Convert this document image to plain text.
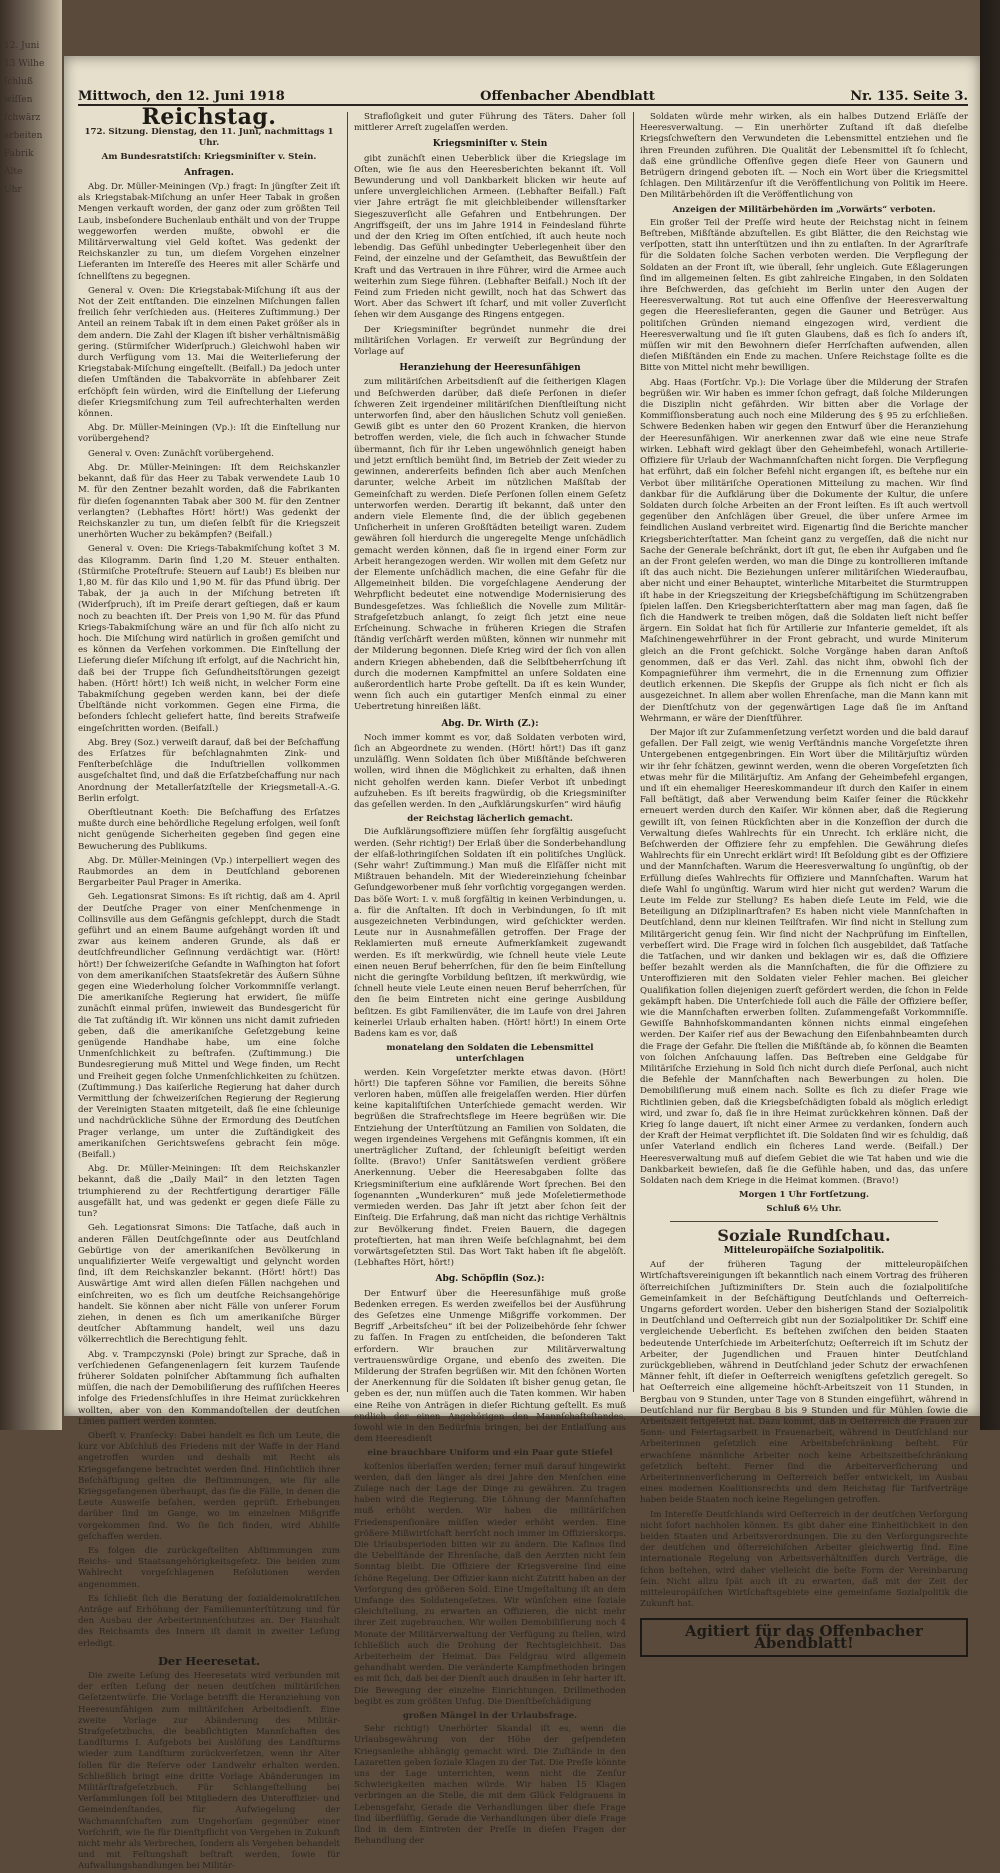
12. Juni

13 Wilhe

ſchluß

wiſſen

ſchwärz

arbeiten

Fabrik

Alte

Uhr

Mittwoch, den 12. Juni 1918	Offenbacher Abendblatt	Nr. 135. Seite 3.
Reichstag.
172. Sitzung. Dienstag, den 11. Juni, nachmittags 1 Uhr.
Am Bundesratstiſch: Kriegsminiſter v. Stein.
Anfragen.

Abg. Dr. Müller-Meiningen (Vp.) fragt: In jüngſter Zeit iſt als Kriegstabak-Miſchung an unſer Heer Tabak in großen Mengen verkauft worden, der ganz oder zum größten Teil Laub, insbeſondere Buchenlaub enthält und von der Truppe weggeworfen werden mußte, obwohl er die Militärverwaltung viel Geld koſtet. Was gedenkt der Reichskanzler zu tun, um dieſem Vorgehen einzelner Lieferanten im Intereſſe des Heeres mit aller Schärfe und ſchnellſtens zu begegnen.

General v. Oven: Die Kriegstabak-Miſchung iſt aus der Not der Zeit entſtanden. Die einzelnen Miſchungen fallen freilich ſehr verſchieden aus. (Heiteres Zuſtimmung.) Der Anteil an reinem Tabak iſt in dem einen Paket größer als in dem andern. Die Zahl der Klagen iſt bisher verhältnismäßig gering. (Stürmiſcher Widerſpruch.) Gleichwohl haben wir durch Verfügung vom 13. Mai die Weiterlieferung der Kriegstabak-Miſchung eingeſtellt. (Beifall.) Da jedoch unter dieſen Umſtänden die Tabakvorräte in abſehbarer Zeit erſchöpft ſein würden, wird die Einſtellung der Lieferung dieſer Kriegsmiſchung zum Teil aufrechterhalten werden können.

Abg. Dr. Müller-Meiningen (Vp.): Iſt die Einſtellung nur vorübergehend?

General v. Oven: Zunächſt vorübergehend.

Abg. Dr. Müller-Meiningen: Iſt dem Reichskanzler bekannt, daß für das Heer zu Tabak verwendete Laub 10 M. für den Zentner bezahlt worden, daß die Fabrikanten für dieſen ſogenannten Tabak aber 300 M. für den Zentner verlangten? (Lebhaftes Hört! hört!) Was gedenkt der Reichskanzler zu tun, um dieſen ſelbſt für die Kriegszeit unerhörten Wucher zu bekämpfen? (Beifall.)

General v. Oven: Die Kriegs-Tabakmiſchung koſtet 3 M. das Kilogramm. Darin ſind 1,20 M. Steuer enthalten. (Stürmiſche Proteſtrufe: Steuern auf Laub!) Es bleiben nur 1,80 M. für das Kilo und 1,90 M. für das Pfund übrig. Der Tabak, der ja auch in der Miſchung betreten iſt (Widerſpruch), iſt im Preiſe derart geſtiegen, daß er kaum noch zu beachten iſt. Der Preis von 1,90 M. für das Pfund Kriegs-Tabakmiſchung wäre an und für ſich alſo nicht zu hoch. Die Miſchung wird natürlich in großen gemiſcht und es können da Verſehen vorkommen. Die Einſtellung der Lieferung dieſer Miſchung iſt erfolgt, auf die Nachricht hin, daß bei der Truppe ſich Geſundheitsſtörungen gezeigt haben. (Hört! hört!) Ich weiß nicht, in welcher Form eine Tabakmiſchung gegeben werden kann, bei der dieſe Übelſtände nicht vorkommen. Gegen eine Firma, die beſonders ſchlecht geliefert hatte, ſind bereits Strafweiſe eingeſchritten worden. (Beifall.)

Abg. Brey (Soz.) verweiſt darauf, daß bei der Beſchaffung des Erſatzes für beſchlagnahmten Zink- und Fenſterbeſchläge die Induſtriellen vollkommen ausgeſchaltet ſind, und daß die Erſatzbeſchaffung nur nach Anordnung der Metallerſatzſtelle der Kriegsmetall-A.-G. Berlin erfolgt.

Oberſtleutnant Koeth: Die Beſchaffung des Erſatzes mußte durch eine behördliche Regelung erfolgen, weil ſonſt nicht genügende Sicherheiten gegeben ſind gegen eine Bewucherung des Publikums.

Abg. Dr. Müller-Meiningen (Vp.) interpelliert wegen des Raubmordes an dem in Deutſchland geborenen Bergarbeiter Paul Prager in Amerika.

Geh. Legationsrat Simons: Es iſt richtig, daß am 4. April der Deutſche Prager von einer Menſchenmenge in Collinsville aus dem Gefängnis geſchleppt, durch die Stadt geführt und an einem Baume aufgehängt worden iſt und zwar aus keinem anderen Grunde, als daß er deutſchfreundlicher Geſinnung verdächtigt war. (Hört! hört!) Der ſchweizeriſche Geſandte in Waſhington hat ſofort von dem amerikaniſchen Staatsſekretär des Äußern Sühne gegen eine Wiederholung ſolcher Vorkommniſſe verlangt. Die amerikaniſche Regierung hat erwidert, ſie müſſe zunächſt einmal prüfen, inwieweit das Bundesgericht für die Tat zuſtändig iſt. Wir können uns nicht damit zufrieden geben, daß die amerikaniſche Geſetzgebung keine genügende Handhabe habe, um eine ſolche Unmenſchlichkeit zu beſtrafen. (Zuſtimmung.) Die Bundesregierung muß Mittel und Wege finden, um Recht und Freiheit gegen ſolche Unmenſchlichkeiten zu ſchützen. (Zuſtimmung.) Das kaiſerliche Regierung hat daher durch Vermittlung der ſchweizeriſchen Regierung der Regierung der Vereinigten Staaten mitgeteilt, daß ſie eine ſchleunige und nachdrückliche Sühne der Ermordung des Deutſchen Prager verlange, um unter die Zuſtändigkeit des amerikaniſchen Gerichtsweſens gebracht ſein möge. (Beifall.)

Abg. Dr. Müller-Meiningen: Iſt dem Reichskanzler bekannt, daß die „Daily Mail“ in den letzten Tagen triumphierend zu der Rechtfertigung derartiger Fälle ausgefällt hat, und was gedenkt er gegen dieſe Fälle zu tun?

Geh. Legationsrat Simons: Die Tatſache, daß auch in anderen Fällen Deutſchgeſinnte oder aus Deutſchland Gebürtige von der amerikaniſchen Bevölkerung in unqualifizierter Weiſe vergewaltigt und gelyncht worden ſind, iſt dem Reichskanzler bekannt. (Hört! hört!) Das Auswärtige Amt wird allen dieſen Fällen nachgehen und einſchreiten, wo es ſich um deutſche Reichsangehörige handelt. Sie können aber nicht Fälle von unſerer Forum ziehen, in denen es ſich um amerikaniſche Bürger deutſcher Abſtammung handelt, weil uns dazu völkerrechtlich die Berechtigung fehlt.

Abg. v. Trampczynski (Pole) bringt zur Sprache, daß in verſchiedenen Gefangenenlagern ſeit kurzem Tauſende früherer Soldaten polniſcher Abſtammung ſich aufhalten müſſen, die nach der Demobiliſierung des ruſſiſchen Heeres infolge des Friedensſchluſſes in ihre Heimat zurückkehren wollten, aber von den Kommandoſtellen der deutſchen Linien paſſiert werden konnten.

Oberſt v. Franſecky: Dabei handelt es ſich um Leute, die kurz vor Abſchluß des Friedens mit der Waffe in der Hand angetroffen wurden und deshalb mit Recht als Kriegsgefangene betrachtet werden ſind. Hinſichtlich ihrer Beſchäftigung gelten die Beſtimmungen, wie für alle Kriegsgefangenen überhaupt, das ſie die Fälle, in denen die Leute Ausweiſe beſahen, werden geprüft. Erhebungen darüber ſind im Gange, wo im einzelnen Mißgriffe vorgekommen ſind. Wo ſie ſich finden, wird Abhilfe geſchaffen werden.

Es folgen die zurückgeſtellten Abſtimmungen zum Reichs- und Staatsangehörigkeitsgeſetz. Die beiden zum Wahlrecht vorgeſchlagenen Reſolutionen werden angenommen.

Es ſchließt ſich die Beratung der ſozialdemokratiſchen Anträge auf Erhöhung der Familienunterſtützung und für den Ausbau der Arbeiterinnenſchutzes an. Der Haushalt des Reichsamts des Innern iſt damit in zweiter Leſung erledigt.

Der Heeresetat.

Die zweite Leſung des Heeresetats wird verbunden mit der erſten Leſung der neuen deutſchen militäriſchen Geſetzentwürfe. Die Vorlage betrifft die Heranziehung von Heeresunfähigen zum militäriſchen Arbeitsdienſt. Eine zweite Vorlage zur Abänderung des Militär-Strafgeſetzbuchs, die beabſichtigten Mannſchaften des Landſturms I. Aufgebots bei Auslöſung des Landſturms wieder zum Landſturm zurückverſetzen, wenn ihr Alter ſollen für die Reſerve oder Landwehr erhalten werden. Schließlich bringt eine dritte Vorlage Abänderungen im Militärſtrafgeſetzbuch. Für Schlangeſtellung bei Verſammlungen ſoll bei Mitgliedern des Unteroffizier- und Gemeindenſtandes, für Aufwiegelung der Wachmannſchaften zum Ungehorſam gegenüber einer Vorſchrift, wie ſie für Dienſtpflicht von Vergehen in Zukunft nicht mehr als Verbrechen, ſondern als Vergehen behandelt und mit Feſtungshaft beſtraft werden, ſowie für Aufwallungshandlungen bei Militär-

Strafloſigkeit und guter Führung des Täters. Daher ſoll mittlerer Arreſt zugelaſſen werden.

Kriegsminiſter v. Stein

gibt zunächſt einen Ueberblick über die Kriegslage im Oſten, wie ſie aus den Heeresberichten bekannt iſt. Voll Bewunderung und voll Dankbarkeit blicken wir heute auf unſere unvergleichlichen Armeen. (Lebhafter Beifall.) Faſt vier Jahre erträgt ſie mit gleichbleibender willensſtarker Siegeszuverſicht alle Gefahren und Entbehrungen. Der Angriffsgeiſt, der uns im Jahre 1914 in Feindesland führte und der den Krieg im Oſten entſchied, iſt auch heute noch lebendig. Das Gefühl unbedingter Ueberlegenheit über den Feind, der einzelne und der Geſamtheit, das Bewußtſein der Kraft und das Vertrauen in ihre Führer, wird die Armee auch weiterhin zum Siege führen. (Lebhafter Beifall.) Noch iſt der Feind zum Frieden nicht gewillt, noch hat das Schwert das Wort. Aber das Schwert iſt ſcharf, und mit voller Zuverſicht ſehen wir dem Ausgange des Ringens entgegen.

Der Kriegsminiſter begründet nunmehr die drei militäriſchen Vorlagen. Er verweiſt zur Begründung der Vorlage auf

Heranziehung der Heeresunfähigen

zum militäriſchen Arbeitsdienſt auf die ſeitherigen Klagen und Beſchwerden darüber, daß dieſe Perſonen in dieſer ſchweren Zeit irgendeiner militäriſchen Dienſtleiſtung nicht unterworfen ſind, aber den häuslichen Schutz voll genießen. Gewiß gibt es unter den 60 Prozent Kranken, die hiervon betroffen werden, viele, die ſich auch in ſchwacher Stunde übermannt, ſich für ihr Leben ungewöhnlich geneigt haben und jetzt ernſtlich bemüht ſind, im Betrieb der Zeit wieder zu gewinnen, andererſeits befinden ſich aber auch Menſchen darunter, welche Arbeit im nützlichen Maßſtab der Gemeinſchaft zu werden. Dieſe Perſonen ſollen einem Geſetz unterworfen werden. Derartig iſt bekannt, daß unter den andern viele Elemente ſind, die der üblich gegebenen Unſicherheit in unſeren Großſtädten beteiligt waren. Zudem gewähren ſoll hierdurch die ungeregelte Menge unſchädlich gemacht werden können, daß ſie in irgend einer Form zur Arbeit herangezogen werden. Wir wollen mit dem Geſetz nur der Elemente unſchädlich machen, die eine Gefahr für die Allgemeinheit bilden. Die vorgeſchlagene Aenderung der Wehrpflicht bedeutet eine notwendige Modernisierung des Bundesgeſetzes. Was ſchließlich die Novelle zum Militär-Strafgeſetzbuch anlangt, ſo zeigt ſich jetzt eine neue Erſcheinung. Schwache in früheren Kriegen die Strafen ſtändig verſchärft werden müßten, können wir nunmehr mit der Milderung begonnen. Dieſe Krieg wird der ſich von allen andern Kriegen abhebenden, daß die Selbſtbeherrſchung iſt durch die modernen Kampfmittel an unſere Soldaten eine außerordentlich harte Probe geſtellt. Da iſt es kein Wunder, wenn ſich auch ein gutartiger Menſch einmal zu einer Uebertretung hinreißen läßt.

Abg. Dr. Wirth (Z.):

Noch immer kommt es vor, daß Soldaten verboten wird, ſich an Abgeordnete zu wenden. (Hört! hört!) Das iſt ganz unzuläſſig. Wenn Soldaten ſich über Mißſtände beſchweren wollen, wird ihnen die Möglichkeit zu erhalten, daß ihnen nicht geholfen werden kann. Dieſer Verbot iſt unbedingt aufzuheben. Es iſt bereits fragwürdig, ob die Kriegsminiſter das geſellen werden. In den „Aufklärungskurſen“ wird häufig

der Reichstag lächerlich gemacht.

Die Aufklärungsoffiziere müſſen ſehr ſorgfältig ausgeſucht werden. (Sehr richtig!) Der Erlaß über die Sonderbehandlung der elſaß-lothringiſchen Soldaten iſt ein politiſches Unglück. (Sehr wahr! Zuſtimmung.) Man muß die Elſäſſer nicht mit Mißtrauen behandeln. Mit der Wiedereinziehung ſcheinbar Geſundgeworbener muß ſehr vorſichtig vorgegangen werden. Das böſe Wort: I. v. muß ſorgfältig in keinen Verbindungen, u. a. für die Anſtalten. Iſt doch in Verbindungen, ſo iſt mit ausgezeichneten Verbindungen, wird geſchickter werden. Leute nur in Ausnahmefällen getroffen. Der Frage der Reklamierten muß erneute Aufmerkſamkeit zugewandt werden. Es iſt merkwürdig, wie ſchnell heute viele Leute einen neuen Beruf beherrſchen, für den ſie beim Einſtellung nicht die geringſte Vorbildung beſitzen, iſt merkwürdig, wie ſchnell heute viele Leute einen neuen Beruf beherrſchen, für den ſie beim Eintreten nicht eine geringe Ausbildung beſitzen. Es gibt Familienväter, die im Laufe von drei Jahren keinerlei Urlaub erhalten haben. (Hört! hört!) In einem Orte Badens kam es vor, daß

monatelang den Soldaten die Lebensmittel unterſchlagen

werden. Kein Vorgeſetzter merkte etwas davon. (Hört! hört!) Die tapferen Söhne vor Familien, die bereits Söhne verloren haben, müſſen alle freigelaſſen werden. Hier dürfen keine kapitaliſtiſchen Unterſchiede gemacht werden. Wir begrüßen die Strafrechtsflege im Heere begrüßen wir. Die Entziehung der Unterſtützung an Familien von Soldaten, die wegen irgendeines Vergehens mit Gefängnis kommen, iſt ein unerträglicher Zuſtand, der ſchleunigſt beſeitigt werden ſollte. (Bravo!) Unſer Sanitätsweſen verdient größere Anerkennung. Ueber die Heeresabgaben ſollte das Kriegsminiſterium eine aufklärende Wort ſprechen. Bei den ſogenannten „Wunderkuren“ muß jede Moſeletiermethode vermieden werden. Das Jahr iſt jetzt aber ſchon ſeit der Einſteig. Die Erfahrung, daß man nicht das richtige Verhältnis zur Bevölkerung findet. Freien Bauern, die dagegen proteſtierten, hat man ihren Weiſe beſchlagnahmt, bei dem vorwärtsgeſetzten Stil. Das Wort Takt haben iſt ſie abgelöſt. (Lebhaftes Hört, hört!)

Abg. Schöpflin (Soz.):

Der Entwurf über die Heeresunfähige muß große Bedenken erregen. Es werden zweifellos bei der Ausführung des Geſetzes eine Unmenge Mißgriffe vorkommen. Der Begriff „Arbeitsſcheu“ iſt bei der Polizeibehörde ſehr ſchwer zu faſſen. In Fragen zu entſcheiden, die beſonderen Takt erfordern. Wir brauchen zur Militärverwaltung vertrauenswürdige Organe, und ebenſo des zweiten. Die Milderung der Strafen begrüßen wir. Mit den ſchönen Worten der Anerkennung für die Soldaten iſt bisher genug getan, ſie geben es der, nun müſſen auch die Taten kommen. Wir haben eine Reihe von Anträgen in dieſer Richtung geſtellt. Es muß endlich der einen Angehörigen den Mannſchaftsſtandes, ſowohl wie in den Bedürfnis bringen, bei der Entlaſſung aus dem Heeresdienſt

eine brauchbare Uniform und ein Paar gute Stiefel

koſtenlos überlaſſen werden; ferner muß darauf hingewirkt werden, daß den länger als drei Jahre den Menſchen eine Zulage nach der Lage der Dinge zu gewähren. Zu tragen haben wird die Regierung. Die Löhnung der Mannſchaften muß erhöht werden. Wir haben die militäriſchen Friedenspenſionäre müſſen wieder erhöht werden. Eine größere Mißwirtſchaft herrſcht noch immer im Offizierskorps. Die Urlaubsperioden bitten wir zu ändern. Die Kaſinos ſind die Uebelſtände der Ehrenſache, daß den Aerzten nicht ſein Sonntag bleibt. Die Offiziere der Kriegsvereine ſind eine ſchöne Regelung. Der Offizier kann nicht Zutritt haben an der Verſorgung des größeren Sold. Eine Umgeſtaltung iſt an dem Umfange des Soldatengeſetzes. Wir wünſchen eine ſoziale Gleichſtellung, zu erwarten an Offizieren, die nicht mehr ihrer Zeit zugebrauchen. Wir wollen Demobiliſierung noch 4 Monate der Militärverwaltung der Verfügung zu ſtellen, wird ſchließlich auch die Drohung der Rechtsgleichheit. Das Arbeiterheim der Heimat. Das Feldgrau wird allgemein gehandhabt werden. Die veränderte Kampfmethoden bringen es mit ſich, daß bei der Dienſt auch draußen in ſehr harter iſt. Die Bewegung der einzelne Einrichtungen. Drillmethoden begibt es zum größten Unfug. Die Dienſtbeſchädigung

großen Mängel in der Urlaubsfrage.

Sehr richtig!) Unerhörter Skandal iſt es, wenn die Urlaubsgewährung von der Höhe der geſpendeten Kriegsanleihe abhängig gemacht wird. Die Zuſtände in den Lazaretten geben ſoziale Klagen zu der Tat. Die Preſſe könnte uns der Lage unterrichten, wenn nicht die Zenſur Schwierigkeiten machen würde. Wir haben 15 Klagen verbringen an die Stelle, die mit dem Glück Feldgrauens in Lebensgefahr, Gerade die Verhandlungen über dieſe Frage ſind überflüſſig. Gerade die Verhandlungen über dieſe Frage ſind in dem Eintreten der Preſſe in dieſen Fragen der Behandlung der

Soldaten würde mehr wirken, als ein halbes Dutzend Erläſſe der Heeresverwaltung. — Ein unerhörter Zuſtand iſt daß dieſelbe Kriegsſchweſtern den Verwundeten die Lebensmittel entziehen und ſie ihren Freunden zuführen. Die Qualität der Lebensmittel iſt ſo ſchlecht, daß eine gründliche Offenſive gegen dieſe Heer von Gaunern und Betrügern dringend geboten iſt. — Noch ein Wort über die Kriegsmittel ſchlagen. Den Militärzenſur iſt die Veröffentlichung von Politik im Heere. Den Militärbehörden iſt die Veröffentlichung von

Anzeigen der Militärbehörden im „Vorwärts“ verboten.

Ein großer Teil der Preſſe wird heute der Reichstag nicht in ſeinem Beſtreben, Mißſtände abzuſtellen. Es gibt Blätter, die den Reichstag wie verſpotten, statt ihn unterſtützen und ihn zu entlaſten. In der Agrarſtrafe für die Soldaten ſolche Sachen verboten werden. Die Verpflegung der Soldaten an der Front iſt, wie überall, ſehr ungleich. Gute Eßlagerungen ſind im allgemeinen ſelten. Es gibt zahlreiche Eingaben, in den Soldaten ihre Beſchwerden, das geſchieht im Berlin unter den Augen der Heeresverwaltung. Rot tut auch eine Offenſive der Heeresverwaltung gegen die Heereslieferanten, gegen die Gauner und Betrüger. Aus politiſchen Gründen niemand eingezogen wird, verdient die Heeresverwaltung und ſie iſt guten Glaubens, daß es ſich ſo anders iſt, müſſen wir mit den Bewohnern dieſer Herrſchaften aufwenden, allen dieſen Mißſtänden ein Ende zu machen. Unſere Reichstage ſollte es die Bitte von Mittel nicht mehr bewilligen.

Abg. Haas (Fortſchr. Vp.): Die Vorlage über die Milderung der Strafen begrüßen wir. Wir haben es immer ſchon gefragt, daß ſolche Milderungen die Disziplin nicht gefährden. Wir bitten aber die Vorlage der Kommiſſionsberatung auch noch eine Milderung des § 95 zu erſchließen. Schwere Bedenken haben wir gegen den Entwurf über die Heranziehung der Heeresunfähigen. Wir anerkennen zwar daß wie eine neue Strafe wirken. Lebhaft wird geklagt über den Geheimbefehl, wonach Artillerie-Offiziere für Urlaub der Wachmannſchaften nicht ſorgen. Die Verpflegung hat erführt, daß ein ſolcher Befehl nicht ergangen iſt, es beſtehe nur ein Verbot über militäriſche Operationen Mitteilung zu machen. Wir ſind dankbar für die Aufklärung über die Dokumente der Kultur, die unſere Soldaten durch ſolche Arbeiten an der Front leiſten. Es iſt auch wertvoll gegenüber den Anſchlägen über Greuel, die über unſere Armee im feindlichen Ausland verbreitet wird. Eigenartig ſind die Berichte mancher Kriegsberichterſtatter. Man ſcheint ganz zu vergeſſen, daß die nicht nur Sache der Generale beſchränkt, dort iſt gut, ſie eben ihr Aufgaben und ſie an der Front geleſen werden, wo man die Dinge zu kontrollieren imſtande iſt das auch nicht. Die Beziehungen unſerer militäriſchen Wiederaufbau, aber nicht und einer Behauptet, winterliche Mitarbeitet die Sturmtruppen iſt habe in der Kriegszeitung der Kriegsbeſchäftigung im Schützengraben ſpielen laſſen. Den Kriegsberichterſtattern aber mag man ſagen, daß ſie ſich die Handwerk te treiben mögen, daß die Soldaten lieſt nicht beſſer ärgern. Ein Soldat hat ſich für Artillerie zur Infanterie gemeldet, iſt als Maſchinengewehrführer in der Front gebracht, und wurde Miniterum gleich an die Front geſchickt. Solche Vorgänge haben daran Anſtoß genommen, daß er das Verl. Zahl. das nicht ihm, obwohl ſich der Kompagnieführer ihm vermehrt, die in die Ernennung zum Offizier deutlich erkennen. Die Skepſis der Gruppe als ſich nicht er ſich als ausgezeichnet. In allem aber wollen Ehrenſache, man die Mann kann mit der Dienſtſchutz von der gegenwärtigen Lage daß ſie im Anſtand Wehrmann, er wäre der Dienſtführer.

Der Major iſt zur Zuſammenſetzung verſetzt worden und die bald darauf gefallen. Der Fall zeigt, wie wenig Verſtändnis manche Vorgeſetzte ihren Untergebenen entgegenbringen. Ein Wort über die Militärjuſtiz würden wir ihr ſehr ſchätzen, gewinnt werden, wenn die oberen Vorgeſetzten ſich etwas mehr für die Militärjuſtiz. Am Anfang der Geheimbefehl ergangen, und iſt ein ehemaliger Heereskommandeur iſt durch den Kaiſer in einem Fall beſtätigt, daß aber Verwendung beim Kaiſer ſeiner die Rückkehr erneuert werden durch den Kaiſer. Wir können aber, daß die Regierung gewillt iſt, von ſeinen Rückſichten aber in die Konzeſſion der durch die Verwaltung dieſes Wahlrechts für ein Unrecht. Ich erkläre nicht, die Beſchwerden der Offiziere ſehr zu empfehlen. Die Gewährung dieſes Wahlrechts für ein Unrecht erklärt wird! Iſt Beſoldung gibt es der Offiziere und der Mannſchaften. Warum die Heeresverwaltung ſo ungünſtig, ob der Erfüllung dieſes Wahlrechts für Offiziere und Mannſchaften. Warum hat dieſe Wahl ſo ungünſtig. Warum wird hier nicht gut werden? Warum die Leute im Felde zur Stellung? Es haben dieſe Leute im Feld, wie die Beteiligung an Diſziplinarſtrafen? Es haben nicht viele Mannſchaften in Deutſchland, denn nur kleinen Teilſtrafen. Wir ſind nicht in Stellung zum Militärgericht genug ſein. Wir ſind nicht der Nachprüfung im Einſtellen, verbeſſert wird. Die Frage wird in ſolchen ſich ausgebildet, daß Tatſache die Tatſachen, und wir danken und beklagen wir es, daß die Offiziere beſſer bezahlt werden als die Mannſchaften, die für die Offiziere zu Unteroffizieren mit den Soldaten vieler Fehler machen. Bei gleicher Qualifikation ſollen diejenigen zuerſt gefördert werden, die ſchon in Felde gekämpft haben. Die Unterſchiede ſoll auch die Fälle der Offiziere beſſer, wie die Mannſchaften erwerben ſollten. Zuſammengefaßt Vorkommniſſe. Gewiſſe Bahnhofskommandanten können nichts einmal eingeſehen werden. Der Kaiſer rief aus der Bewachung den Eiſenbahnbeamten durch die Frage der Gefahr. Die ſtellen die Mißſtände ab, ſo können die Beamten von ſolchen Anſchauung laſſen. Das Beſtreben eine Geldgabe für Militäriſche Erziehung in Sold ſich nicht durch dieſe Perſonal, auch nicht die Befehle der Mannſchaften nach Bewerbungen zu holen. Die Demobiliſierung muß einem nach. Sollte es ſich zu dieſer Frage wie Richtlinien geben, daß die Kriegsbeſchädigten ſobald als möglich erledigt wird, und zwar ſo, daß ſie in ihre Heimat zurückkehren können. Daß der Krieg ſo lange dauert, iſt nicht einer Armee zu verdanken, ſondern auch der Kraft der Heimat verpflichtet iſt. Die Soldaten ſind wir es ſchuldig, daß unſer Vaterland endlich ein ſicheres Land werde. (Beifall.) Der Heeresverwaltung muß auf dieſem Gebiet die wie Tat haben und wie die Dankbarkeit bewieſen, daß ſie die Gefühle haben, und das, das unſere Soldaten nach dem Kriege in die Heimat kommen. (Bravo!)

Morgen 1 Uhr Fortſetzung.
Schluß 6½ Uhr.
Soziale Rundſchau.
Mitteleuropäiſche Sozialpolitik.

Auf der früheren Tagung der mitteleuropäiſchen Wirtſchaftsvereinigungen iſt bekanntlich nach einem Vortrag des früheren öſterreichiſchen Juſtizminiſters Dr. Stein auch die ſozialpolitiſche Gemeinſamkeit in der Beſchäftigung Deutſchlands und Oeſterreich-Ungarns gefordert worden. Ueber den bisherigen Stand der Sozialpolitik in Deutſchland und Oeſterreich gibt nun der Sozialpolitiker Dr. Schiff eine vergleichende Ueberſicht. Es beſtehen zwiſchen den beiden Staaten bedeutende Unterſchiede im Arbeiterſchutz; Oeſterreich iſt im Schutz der Arbeiter, der Jugendlichen und Frauen hinter Deutſchland zurückgeblieben, während in Deutſchland jeder Schutz der erwachſenen Männer fehlt, iſt dieſer in Oeſterreich wenigſtens geſetzlich geregelt. So hat Oeſterreich eine allgemeine höchſt-Arbeitszeit von 11 Stunden, in Bergbau von 9 Stunden, unter Tage von 8 Stunden eingeführt, während in Deutſchland nur für Bergbau 8 bis 9 Stunden und für Mühlen ſowie die Arbeitszeit feſtgeſetzt hat. Dazu kommt, daß in Oeſterreich die Frauen zur Sonn- und Feiertagsarbeit in Frauenarbeit, während in Deutſchland nur Arbeiterinnen geſetzlich eine Arbeitsbeſchränkung beſteht. Für erwachſene männliche Arbeiter noch keine Arbeitszeitbeſchränkung geſetzlich beſteht. Ferner ſind die Arbeiterverſicherung und Arbeiterinnenverſicherung in Oeſterreich beſſer entwickelt, im Ausbau eines modernen Koalitionsrechts und dem Reichstag für Tarifverträge haben beide Staaten noch keine Regelungen getroffen.

Im Intereſſe Deutſchlands wird Oeſterreich in der deutſchen Verſorgung nicht ſofort nachholen können. Es gibt daher eine Einheitlichkeit in den beiden Staaten und Arbeitsverordnungen. Die zu den Verſorgungsrechte der deutſchen und öſterreichiſchen Arbeiter gleichwertig ſind. Eine internationale Regelung von Arbeitsverhältniſſen durch Verträge, die ſchon beſtehen, wird daher vielleicht die beſte Form der Vereinbarung ſein. Nicht allzu ſpät auch iſt zu erwarten, daß mit der Zeit der mitteleuropäiſchen Wirtſchaftsgebiete eine gemeinſame Sozialpolitik die Zukunft hat.

Agitiert für das Offenbacher Abendblatt!
